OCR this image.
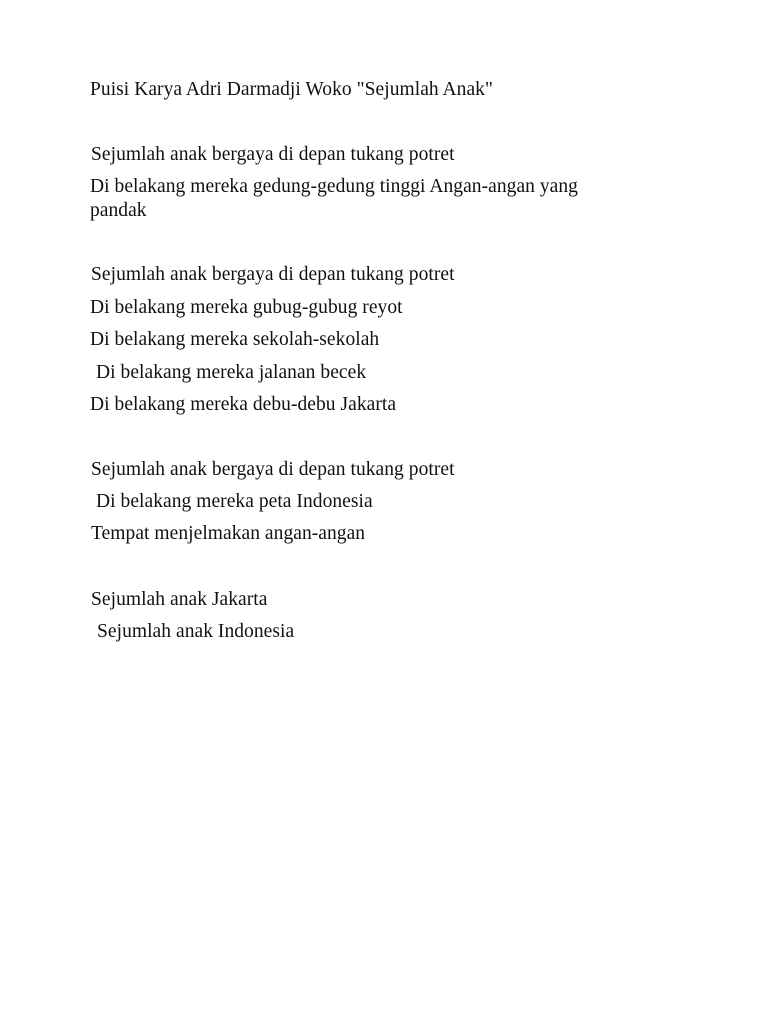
Puisi Karya Adri Darmadji Woko "Sejumlah Anak"
Sejumlah anak bergaya di depan tukang potret
Di belakang mereka gedung-gedung tinggi Angan-angan yang
pandak
Sejumlah anak bergaya di depan tukang potret
Di belakang mereka gubug-gubug reyot
Di belakang mereka sekolah-sekolah
Di belakang mereka jalanan becek
Di belakang mereka debu-debu Jakarta
Sejumlah anak bergaya di depan tukang potret
Di belakang mereka peta Indonesia
Tempat menjelmakan angan-angan
Sejumlah anak Jakarta
Sejumlah anak Indonesia
